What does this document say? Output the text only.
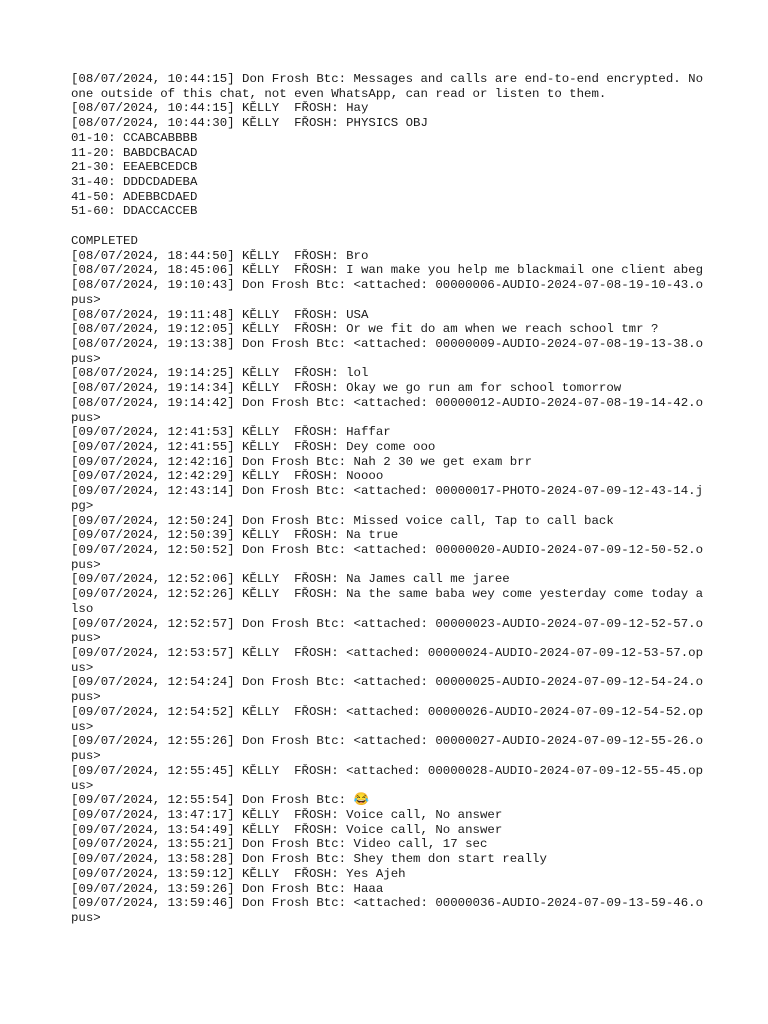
[08/07/2024, 10:44:15] Don Frosh Btc: Messages and calls are end-to-end encrypted. No one outside of this chat, not even WhatsApp, can read or listen to them.
[08/07/2024, 10:44:15] KĚLLY  FŘOSH: Hay
[08/07/2024, 10:44:30] KĚLLY  FŘOSH: PHYSICS OBJ
01-10: CCABCABBBB
11-20: BABDCBACAD
21-30: EEAEBCEDCB
31-40: DDDCDADEBA
41-50: ADEBBCDAED
51-60: DDACCACCEB
COMPLETED
[08/07/2024, 18:44:50] KĚLLY  FŘOSH: Bro
[08/07/2024, 18:45:06] KĚLLY  FŘOSH: I wan make you help me blackmail one client abeg
[08/07/2024, 19:10:43] Don Frosh Btc: <attached: 00000006-AUDIO-2024-07-08-19-10-43.opus>
[08/07/2024, 19:11:48] KĚLLY  FŘOSH: USA
[08/07/2024, 19:12:05] KĚLLY  FŘOSH: Or we fit do am when we reach school tmr ?
[08/07/2024, 19:13:38] Don Frosh Btc: <attached: 00000009-AUDIO-2024-07-08-19-13-38.opus>
[08/07/2024, 19:14:25] KĚLLY  FŘOSH: lol
[08/07/2024, 19:14:34] KĚLLY  FŘOSH: Okay we go run am for school tomorrow
[08/07/2024, 19:14:42] Don Frosh Btc: <attached: 00000012-AUDIO-2024-07-08-19-14-42.opus>
[09/07/2024, 12:41:53] KĚLLY  FŘOSH: Haffar
[09/07/2024, 12:41:55] KĚLLY  FŘOSH: Dey come ooo
[09/07/2024, 12:42:16] Don Frosh Btc: Nah 2 30 we get exam brr
[09/07/2024, 12:42:29] KĚLLY  FŘOSH: Noooo
[09/07/2024, 12:43:14] Don Frosh Btc: <attached: 00000017-PHOTO-2024-07-09-12-43-14.jpg>
[09/07/2024, 12:50:24] Don Frosh Btc: Missed voice call, Tap to call back
[09/07/2024, 12:50:39] KĚLLY  FŘOSH: Na true
[09/07/2024, 12:50:52] Don Frosh Btc: <attached: 00000020-AUDIO-2024-07-09-12-50-52.opus>
[09/07/2024, 12:52:06] KĚLLY  FŘOSH: Na James call me jaree
[09/07/2024, 12:52:26] KĚLLY  FŘOSH: Na the same baba wey come yesterday come today also
[09/07/2024, 12:52:57] Don Frosh Btc: <attached: 00000023-AUDIO-2024-07-09-12-52-57.opus>
[09/07/2024, 12:53:57] KĚLLY  FŘOSH: <attached: 00000024-AUDIO-2024-07-09-12-53-57.opus>
[09/07/2024, 12:54:24] Don Frosh Btc: <attached: 00000025-AUDIO-2024-07-09-12-54-24.opus>
[09/07/2024, 12:54:52] KĚLLY  FŘOSH: <attached: 00000026-AUDIO-2024-07-09-12-54-52.opus>
[09/07/2024, 12:55:26] Don Frosh Btc: <attached: 00000027-AUDIO-2024-07-09-12-55-26.opus>
[09/07/2024, 12:55:45] KĚLLY  FŘOSH: <attached: 00000028-AUDIO-2024-07-09-12-55-45.opus>
[09/07/2024, 12:55:54] Don Frosh Btc: 😂
[09/07/2024, 13:47:17] KĚLLY  FŘOSH: Voice call, No answer
[09/07/2024, 13:54:49] KĚLLY  FŘOSH: Voice call, No answer
[09/07/2024, 13:55:21] Don Frosh Btc: Video call, 17 sec
[09/07/2024, 13:58:28] Don Frosh Btc: Shey them don start really
[09/07/2024, 13:59:12] KĚLLY  FŘOSH: Yes Ajeh
[09/07/2024, 13:59:26] Don Frosh Btc: Haaa
[09/07/2024, 13:59:46] Don Frosh Btc: <attached: 00000036-AUDIO-2024-07-09-13-59-46.opus>
